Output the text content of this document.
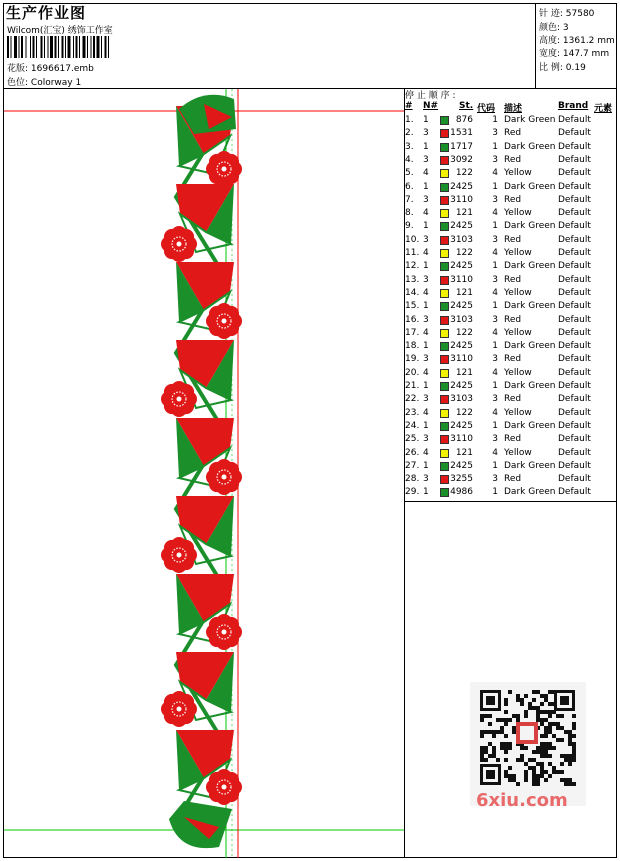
生产作业图
Wilcom(汇宝) 绣饰工作室
花版: 1696617.emb
色位: Colorway 1
针 迹: 57580
颜色: 3
高度: 1361.2 mm
宽度: 147.7 mm
比 例: 0.19
停 止 顺 序 :
# N# St. 代码 描述	Brand 元素
1. 1	876 1 Dark Green Default
2. 3 1531 3 Red	Default
3. 1 1717 1 Dark Green Default
4. 3 3092 3 Red	Default
5. 4	122 4 Yellow	Default
6. 1 2425 1 Dark Green Default
7. 3 3110 3 Red	Default
8. 4	121 4 Yellow	Default
9. 1 2425 1 Dark Green Default
10. 3 3103 3 Red	Default
11. 4	122 4 Yellow	Default
12. 1 2425 1 Dark Green Default
13. 3 3110 3 Red	Default
14. 4	121 4 Yellow	Default
15. 1 2425 1 Dark Green Default
16. 3 3103 3 Red	Default
17. 4	122 4 Yellow	Default
18. 1 2425 1 Dark Green Default
19. 3 3110 3 Red	Default
20. 4	121 4 Yellow	Default
21. 1 2425 1 Dark Green Default
22. 3 3103 3 Red	Default
23. 4	122 4 Yellow	Default
24. 1 2425 1 Dark Green Default
25. 3 3110 3 Red	Default
26. 4	121 4 Yellow	Default
27. 1 2425 1 Dark Green Default
28. 3 3255 3 Red	Default
29. 1 4986 1 Dark Green Default
6xiu.com
